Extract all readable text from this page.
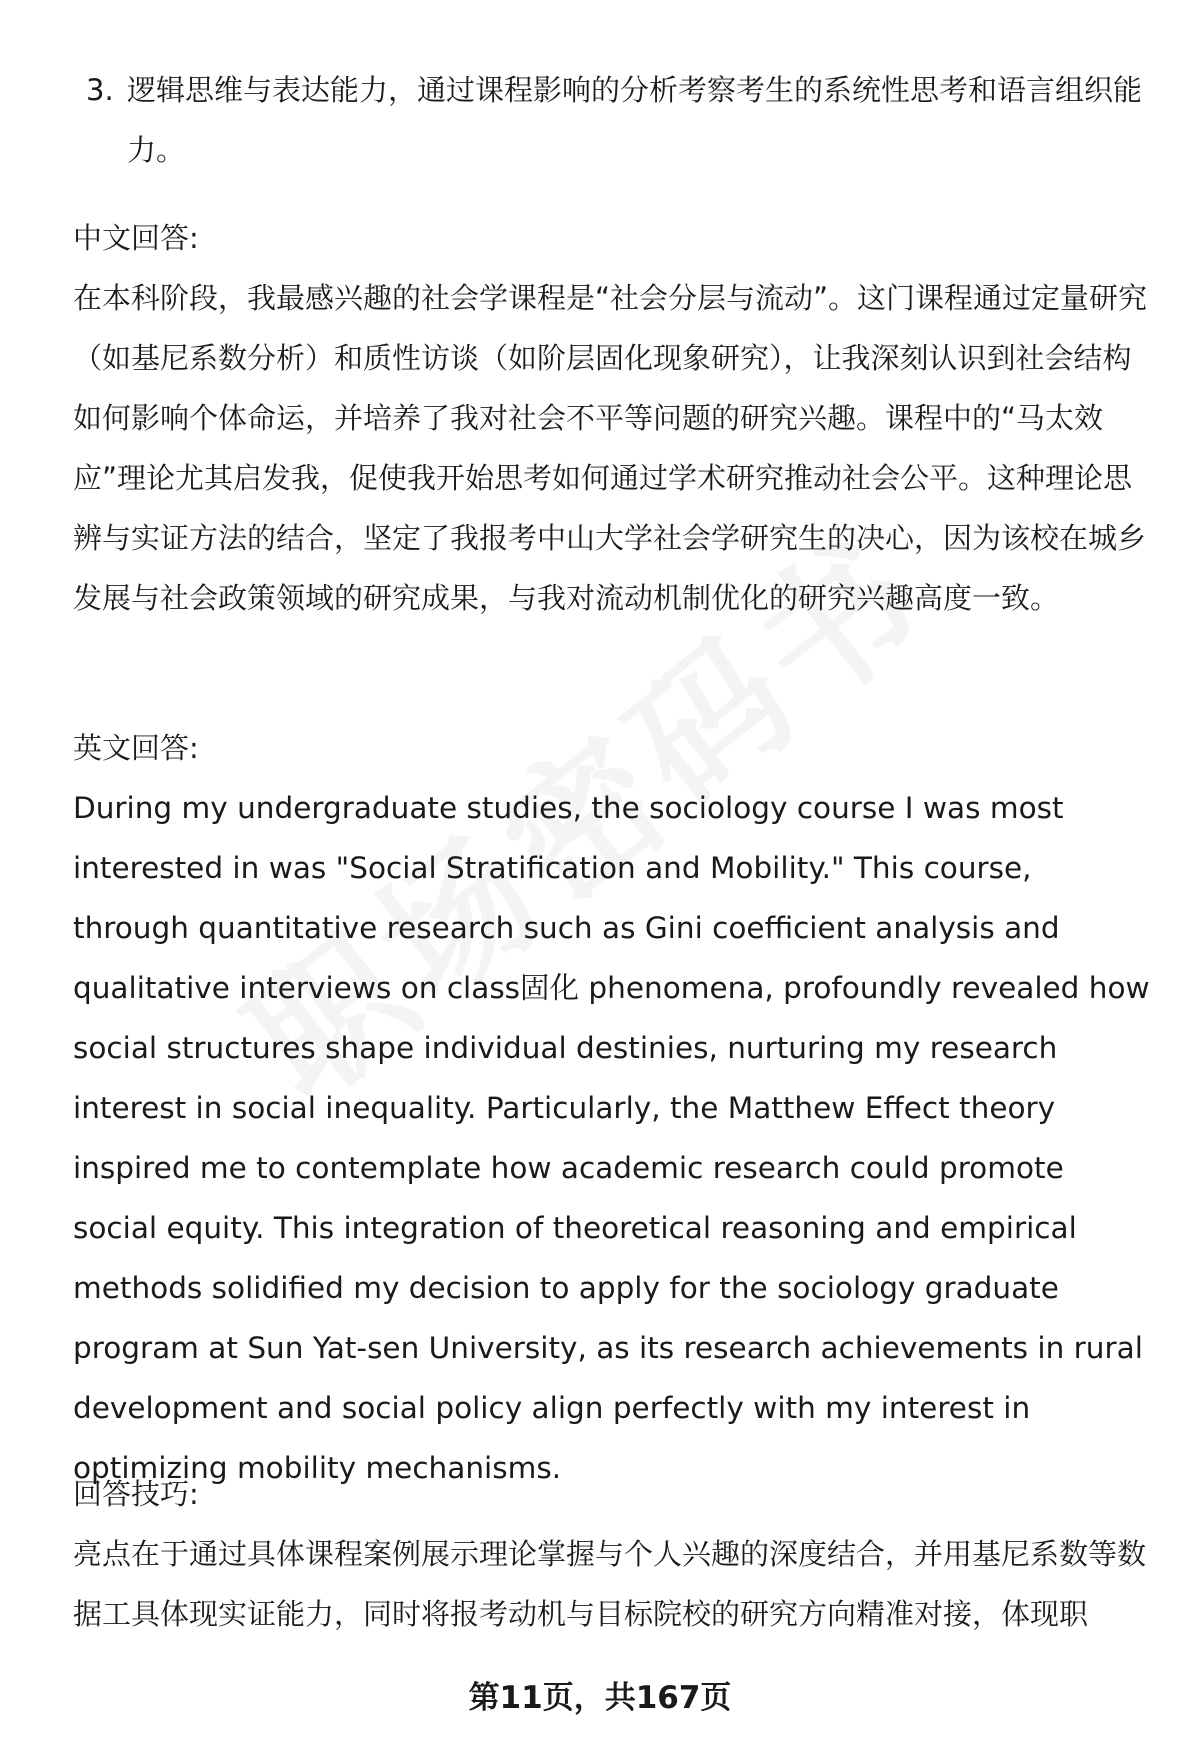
3. 逻辑思维与表达能力，通过课程影响的分析考察考生的系统性思考和语言组织能力。
中文回答:
在本科阶段，我最感兴趣的社会学课程是“社会分层与流动”。这门课程通过定量研究（如基尼系数分析）和质性访谈（如阶层固化现象研究），让我深刻认识到社会结构如何影响个体命运，并培养了我对社会不平等问题的研究兴趣。课程中的“马太效应”理论尤其启发我，促使我开始思考如何通过学术研究推动社会公平。这种理论思辨与实证方法的结合，坚定了我报考中山大学社会学研究生的决心，因为该校在城乡发展与社会政策领域的研究成果，与我对流动机制优化的研究兴趣高度一致。
英文回答:
During my undergraduate studies, the sociology course I was most interested in was "Social Stratification and Mobility." This course, through quantitative research such as Gini coefficient analysis and qualitative interviews on class固化 phenomena, profoundly revealed how social structures shape individual destinies, nurturing my research interest in social inequality. Particularly, the Matthew Effect theory inspired me to contemplate how academic research could promote social equity. This integration of theoretical reasoning and empirical methods solidified my decision to apply for the sociology graduate program at Sun Yat-sen University, as its research achievements in rural development and social policy align perfectly with my interest in optimizing mobility mechanisms.
回答技巧:
亮点在于通过具体课程案例展示理论掌握与个人兴趣的深度结合，并用基尼系数等数据工具体现实证能力，同时将报考动机与目标院校的研究方向精准对接，体现职
第11页，共167页
